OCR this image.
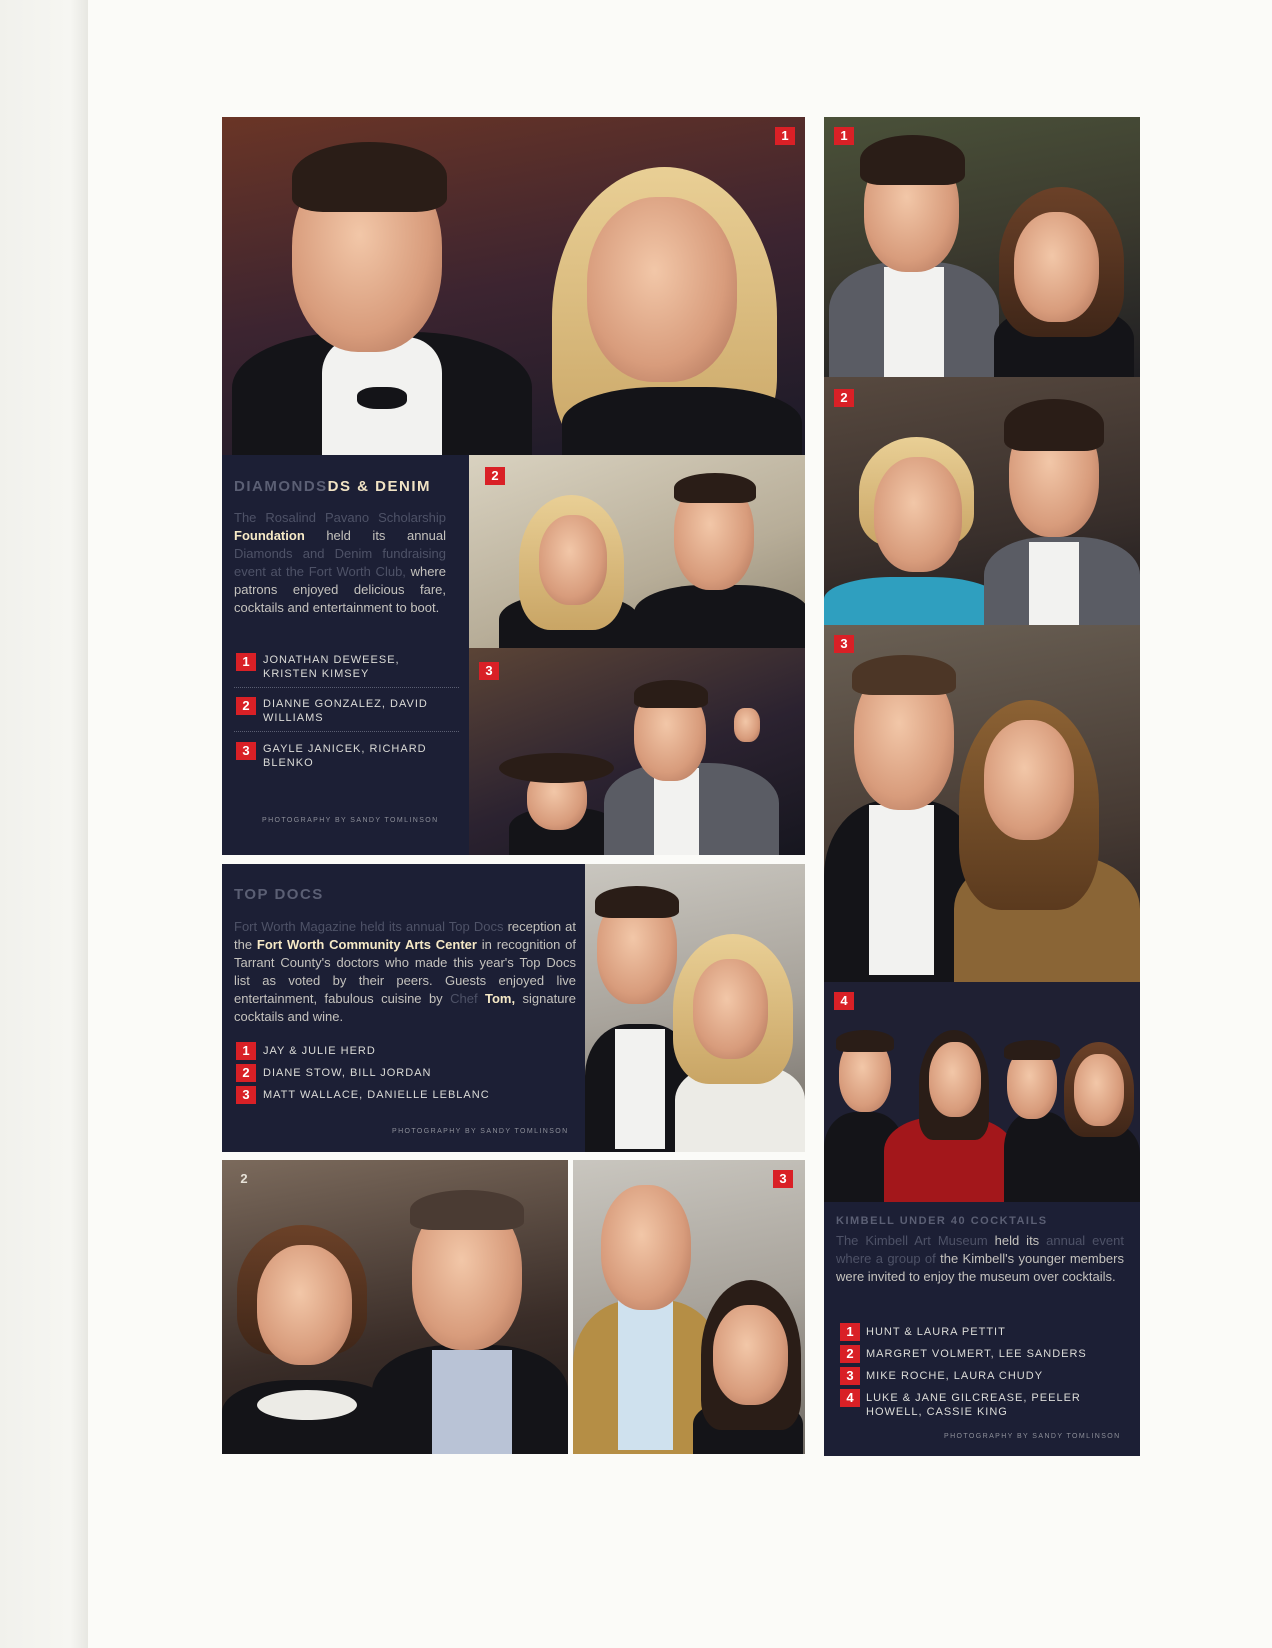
1
DIAMONDSDS & DENIM
The Rosalind Pavano Scholarship Foundation held its annual Diamonds and Denim fundraising event at the Fort Worth Club, where patrons enjoyed delicious fare, cocktails and entertainment to boot.
1	JONATHAN DEWEESE, KRISTEN KIMSEY
2	DIANNE GONZALEZ, DAVID WILLIAMS
3	GAYLE JANICEK, RICHARD BLENKO
PHOTOGRAPHY BY SANDY TOMLINSON
2
3
TOP DOCS
Fort Worth Magazine held its annual Top Docs reception at the Fort Worth Community Arts Center in recognition of Tarrant County's doctors who made this year's Top Docs list as voted by their peers. Guests enjoyed live entertainment, fabulous cuisine by Chef Tom, signature cocktails and wine.
1	JAY & JULIE HERD
2	DIANE STOW, BILL JORDAN
3	MATT WALLACE, DANIELLE LEBLANC
PHOTOGRAPHY BY SANDY TOMLINSON
2	3
1
2
3
4
KIMBELL UNDER 40 COCKTAILS
The Kimbell Art Museum held its annual event where a group of the Kimbell's younger members were invited to enjoy the museum over cocktails.
1	HUNT & LAURA PETTIT
2	MARGRET VOLMERT, LEE SANDERS
3	MIKE ROCHE, LAURA CHUDY
4	LUKE & JANE GILCREASE, PEELER HOWELL, CASSIE KING
PHOTOGRAPHY BY SANDY TOMLINSON
